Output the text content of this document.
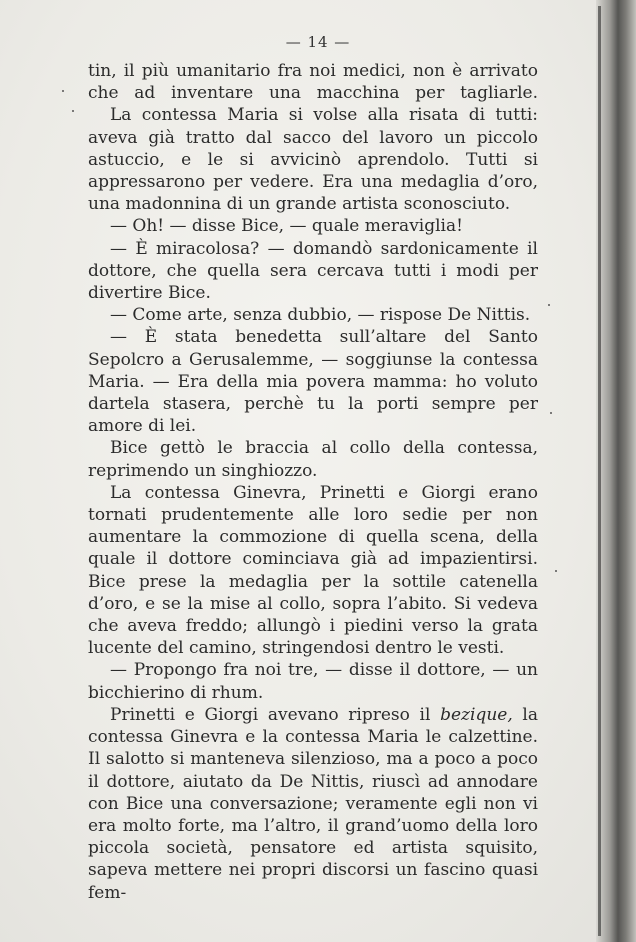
— 14 —

tin, il più umanitario fra noi medici, non è arrivato che ad inventare una macchina per tagliarle.

La contessa Maria si volse alla risata di tutti: aveva già tratto dal sacco del lavoro un piccolo astuccio, e le si avvicinò aprendolo. Tutti si appressarono per vedere. Era una medaglia d’oro, una madonnina di un grande artista sconosciuto.

— Oh! — disse Bice, — quale meraviglia!

— È miracolosa? — domandò sardonicamente il dottore, che quella sera cercava tutti i modi per divertire Bice.

— Come arte, senza dubbio, — rispose De Nittis.

— È stata benedetta sull’altare del Santo Sepolcro a Gerusalemme, — soggiunse la contessa Maria. — Era della mia povera mamma: ho voluto dartela stasera, perchè tu la porti sempre per amore di lei.

Bice gettò le braccia al collo della contessa, reprimendo un singhiozzo.

La contessa Ginevra, Prinetti e Giorgi erano tornati prudentemente alle loro sedie per non aumentare la commozione di quella scena, della quale il dottore cominciava già ad impazientirsi. Bice prese la medaglia per la sottile catenella d’oro, e se la mise al collo, sopra l’abito. Si vedeva che aveva freddo; allungò i piedini verso la grata lucente del camino, stringendosi dentro le vesti.

— Propongo fra noi tre, — disse il dottore, — un bicchierino di rhum.

Prinetti e Giorgi avevano ripreso il bezique, la contessa Ginevra e la contessa Maria le calzettine. Il salotto si manteneva silenzioso, ma a poco a poco il dottore, aiutato da De Nittis, riuscì ad annodare con Bice una conversazione; veramente egli non vi era molto forte, ma l’altro, il grand’uomo della loro piccola società, pensatore ed artista squisito, sapeva mettere nei propri discorsi un fascino quasi fem-
